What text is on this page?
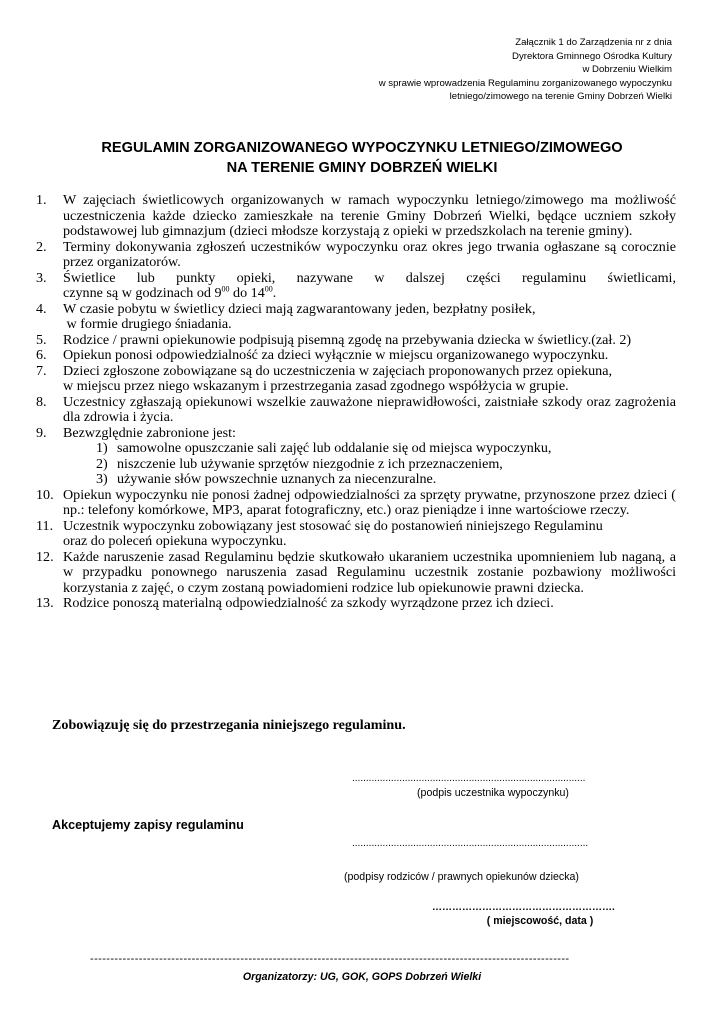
Załącznik 1 do Zarządzenia nr z dnia
Dyrektora Gminnego Ośrodka Kultury
w Dobrzeniu Wielkim
w sprawie wprowadzenia Regulaminu zorganizowanego wypoczynku
letniego/zimowego na terenie Gminy Dobrzeń Wielki
REGULAMIN ZORGANIZOWANEGO WYPOCZYNKU LETNIEGO/ZIMOWEGO
NA TERENIE GMINY DOBRZEŃ WIELKI
1. W zajęciach świetlicowych organizowanych w ramach wypoczynku letniego/zimowego ma możliwość uczestniczenia każde dziecko zamieszkałe na terenie Gminy Dobrzeń Wielki, będące uczniem szkoły podstawowej lub gimnazjum (dzieci młodsze korzystają z opieki w przedszkolach na terenie gminy).
2. Terminy dokonywania zgłoszeń uczestników wypoczynku oraz okres jego trwania ogłaszane są corocznie przez organizatorów.
3. Świetlice lub punkty opieki, nazywane w dalszej części regulaminu świetlicami,
czynne są w godzinach od $9^{00}$ do $14^{00}$.
4. W czasie pobytu w świetlicy dzieci mają zagwarantowany jeden, bezpłatny posiłek,
w formie drugiego śniadania.
5. Rodzice / prawni opiekunowie podpisują pisemną zgodę na przebywania dziecka w świetlicy.(zał. 2)
6. Opiekun ponosi odpowiedzialność za dzieci wyłącznie w miejscu organizowanego wypoczynku.
7. Dzieci zgłoszone zobowiązane są do uczestniczenia w zajęciach proponowanych przez opiekuna,
w miejscu przez niego wskazanym i przestrzegania zasad zgodnego współżycia w grupie.
8. Uczestnicy zgłaszają opiekunowi wszelkie zauważone nieprawidłowości, zaistniałe szkody oraz zagrożenia dla zdrowia i życia.
9. Bezwzględnie zabronione jest:
1) samowolne opuszczanie sali zajęć lub oddalanie się od miejsca wypoczynku,
2) niszczenie lub używanie sprzętów niezgodnie z ich przeznaczeniem,
3) używanie słów powszechnie uznanych za niecenzuralne.
10. Opiekun wypoczynku nie ponosi żadnej odpowiedzialności za sprzęty prywatne, przynoszone przez dzieci ( np.: telefony komórkowe, MP3, aparat fotograficzny, etc.) oraz pieniądze i inne wartościowe rzeczy.
11. Uczestnik wypoczynku zobowiązany jest stosować się do postanowień niniejszego Regulaminu
oraz do poleceń opiekuna wypoczynku.
12. Każde naruszenie zasad Regulaminu będzie skutkowało ukaraniem uczestnika upomnieniem lub naganą, a w przypadku ponownego naruszenia zasad Regulaminu uczestnik zostanie pozbawiony możliwości korzystania z zajęć, o czym zostaną powiadomieni rodzice lub opiekunowie prawni dziecka.
13. Rodzice ponoszą materialną odpowiedzialność za szkody wyrządzone przez ich dzieci.
Zobowiązuję się do przestrzegania niniejszego regulaminu.
....................................................................................
(podpis uczestnika wypoczynku)
Akceptujemy zapisy regulaminu
.....................................................................................
(podpisy rodziców / prawnych opiekunów dziecka)
……………………………………………….
( miejscowość, data )
----------------------------------------------------------------------------------------------------------------------
Organizatorzy: UG, GOK, GOPS Dobrzeń Wielki
